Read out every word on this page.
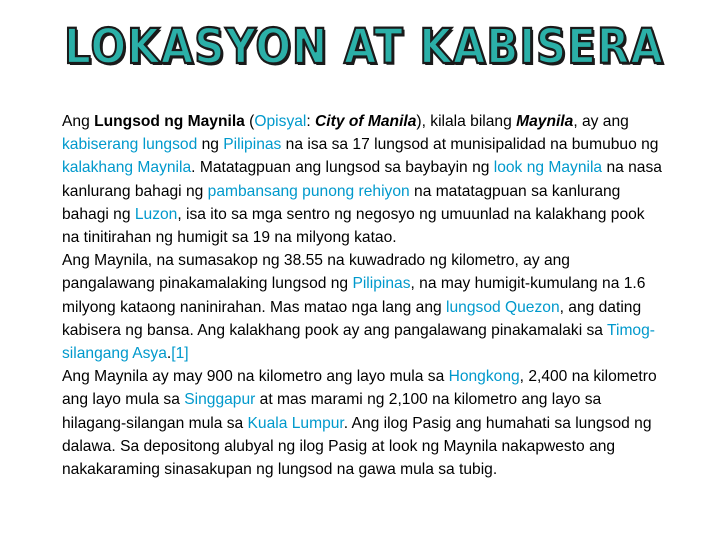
LOKASYON AT KABISERA

Ang Lungsod ng Maynila (Opisyal: City of Manila), kilala bilang Maynila, ay ang kabiserang lungsod ng Pilipinas na isa sa 17 lungsod at munisipalidad na bumubuo ng kalakhang Maynila. Matatagpuan ang lungsod sa baybayin ng look ng Maynila na nasa kanlurang bahagi ng pambansang punong rehiyon na matatagpuan sa kanlurang bahagi ng Luzon, isa ito sa mga sentro ng negosyo ng umuunlad na kalakhang pook na tinitirahan ng humigit sa 19 na milyong katao.

Ang Maynila, na sumasakop ng 38.55 na kuwadrado ng kilometro, ay ang pangalawang pinakamalaking lungsod ng Pilipinas, na may humigit-kumulang na 1.6 milyong kataong naninirahan. Mas matao nga lang ang lungsod Quezon, ang dating kabisera ng bansa. Ang kalakhang pook ay ang pangalawang pinakamalaki sa Timog-silangang Asya.[1]

Ang Maynila ay may 900 na kilometro ang layo mula sa Hongkong, 2,400 na kilometro ang layo mula sa Singgapur at mas marami ng 2,100 na kilometro ang layo sa hilagang-silangan mula sa Kuala Lumpur. Ang ilog Pasig ang humahati sa lungsod ng dalawa. Sa depositong alubyal ng ilog Pasig at look ng Maynila nakapwesto ang nakakaraming sinasakupan ng lungsod na gawa mula sa tubig.
